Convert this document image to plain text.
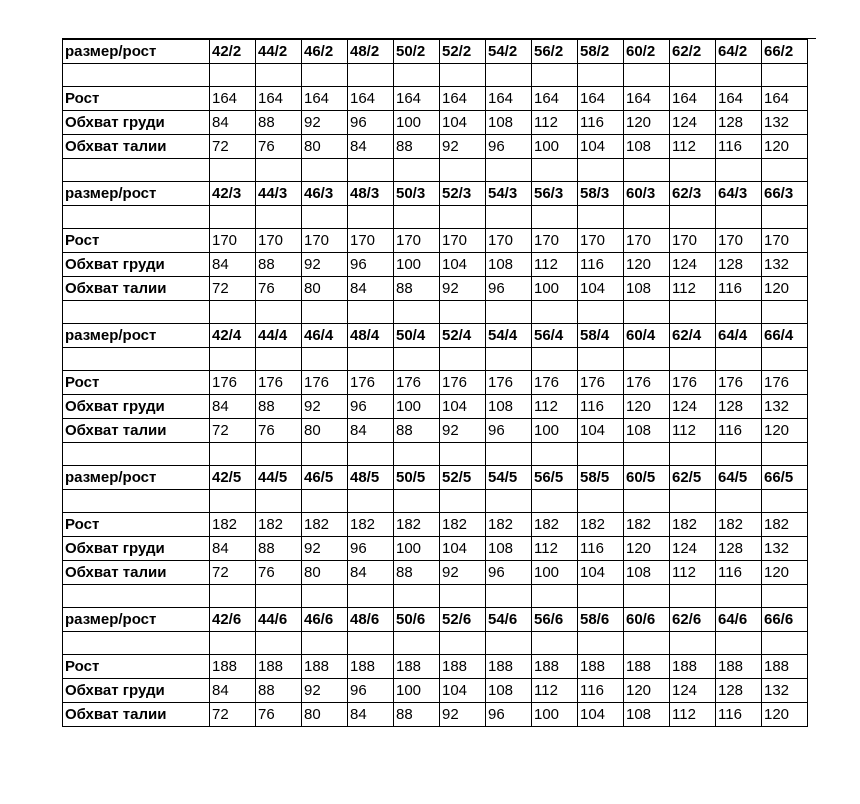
размер/рост	42/2	44/2	46/2	48/2	50/2	52/2	54/2	56/2	58/2	60/2	62/2	64/2	66/2

Рост	164	164	164	164	164	164	164	164	164	164	164	164	164
Обхват груди	84	88	92	96	100	104	108	112	116	120	124	128	132
Обхват талии	72	76	80	84	88	92	96	100	104	108	112	116	120

размер/рост	42/3	44/3	46/3	48/3	50/3	52/3	54/3	56/3	58/3	60/3	62/3	64/3	66/3

Рост	170	170	170	170	170	170	170	170	170	170	170	170	170
Обхват груди	84	88	92	96	100	104	108	112	116	120	124	128	132
Обхват талии	72	76	80	84	88	92	96	100	104	108	112	116	120

размер/рост	42/4	44/4	46/4	48/4	50/4	52/4	54/4	56/4	58/4	60/4	62/4	64/4	66/4

Рост	176	176	176	176	176	176	176	176	176	176	176	176	176
Обхват груди	84	88	92	96	100	104	108	112	116	120	124	128	132
Обхват талии	72	76	80	84	88	92	96	100	104	108	112	116	120

размер/рост	42/5	44/5	46/5	48/5	50/5	52/5	54/5	56/5	58/5	60/5	62/5	64/5	66/5

Рост	182	182	182	182	182	182	182	182	182	182	182	182	182
Обхват груди	84	88	92	96	100	104	108	112	116	120	124	128	132
Обхват талии	72	76	80	84	88	92	96	100	104	108	112	116	120

размер/рост	42/6	44/6	46/6	48/6	50/6	52/6	54/6	56/6	58/6	60/6	62/6	64/6	66/6

Рост	188	188	188	188	188	188	188	188	188	188	188	188	188
Обхват груди	84	88	92	96	100	104	108	112	116	120	124	128	132
Обхват талии	72	76	80	84	88	92	96	100	104	108	112	116	120
